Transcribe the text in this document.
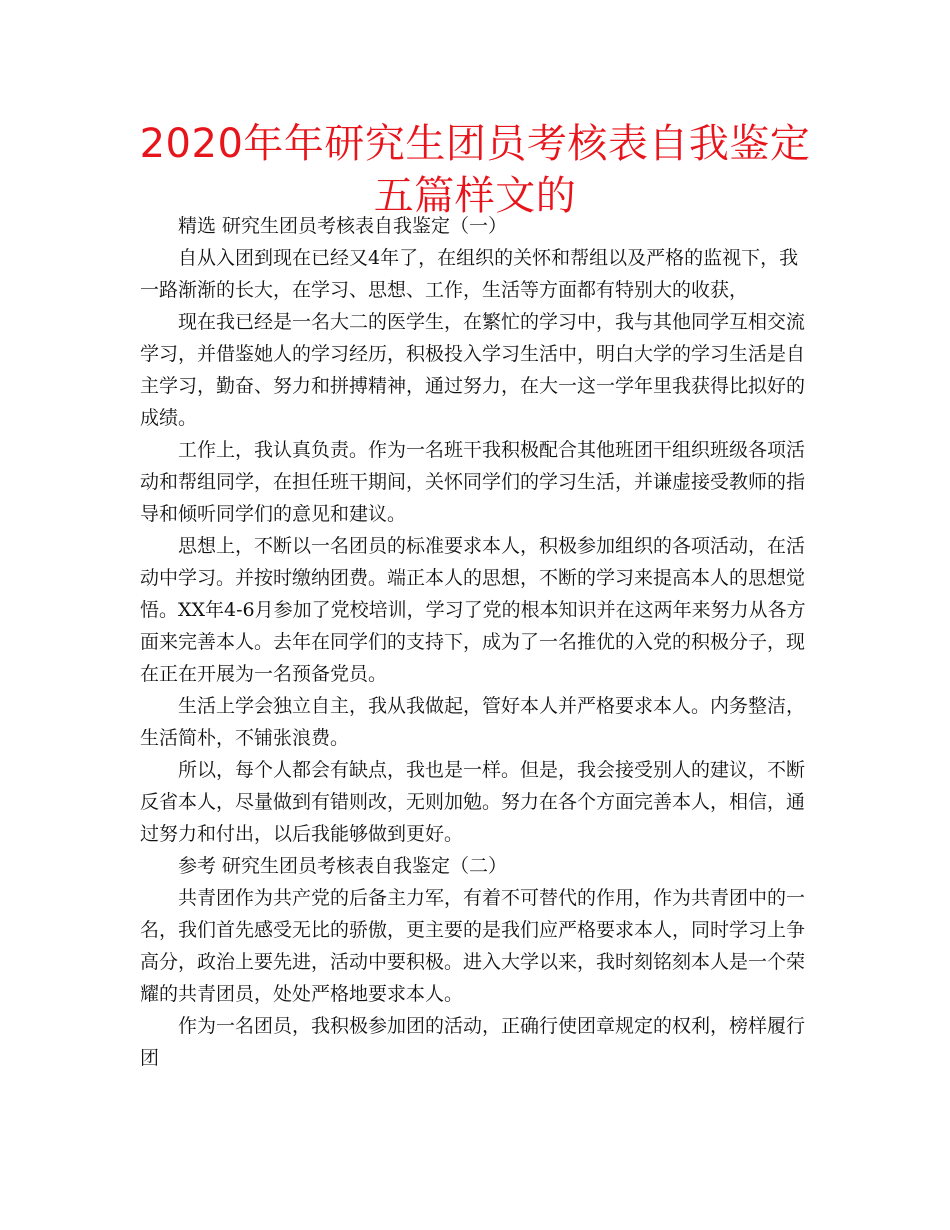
2020年年研究生团员考核表自我鉴定五篇样文的

精选 研究生团员考核表自我鉴定（一）

自从入团到现在已经又4年了，在组织的关怀和帮组以及严格的监视下，我一路渐渐的长大，在学习、思想、工作，生活等方面都有特别大的收获，

现在我已经是一名大二的医学生，在繁忙的学习中，我与其他同学互相交流学习，并借鉴她人的学习经历，积极投入学习生活中，明白大学的学习生活是自主学习，勤奋、努力和拼搏精神，通过努力，在大一这一学年里我获得比拟好的成绩。

工作上，我认真负责。作为一名班干我积极配合其他班团干组织班级各项活动和帮组同学，在担任班干期间，关怀同学们的学习生活，并谦虚接受教师的指导和倾听同学们的意见和建议。

思想上，不断以一名团员的标准要求本人，积极参加组织的各项活动，在活动中学习。并按时缴纳团费。端正本人的思想，不断的学习来提高本人的思想觉悟。XX年4-6月参加了党校培训，学习了党的根本知识并在这两年来努力从各方面来完善本人。去年在同学们的支持下，成为了一名推优的入党的积极分子，现在正在开展为一名预备党员。

生活上学会独立自主，我从我做起，管好本人并严格要求本人。内务整洁，生活简朴，不铺张浪费。

所以，每个人都会有缺点，我也是一样。但是，我会接受别人的建议，不断反省本人，尽量做到有错则改，无则加勉。努力在各个方面完善本人，相信，通过努力和付出，以后我能够做到更好。

参考 研究生团员考核表自我鉴定（二）

共青团作为共产党的后备主力军，有着不可替代的作用，作为共青团中的一名，我们首先感受无比的骄傲，更主要的是我们应严格要求本人，同时学习上争高分，政治上要先进，活动中要积极。进入大学以来，我时刻铭刻本人是一个荣耀的共青团员，处处严格地要求本人。

作为一名团员，我积极参加团的活动，正确行使团章规定的权利，榜样履行团
